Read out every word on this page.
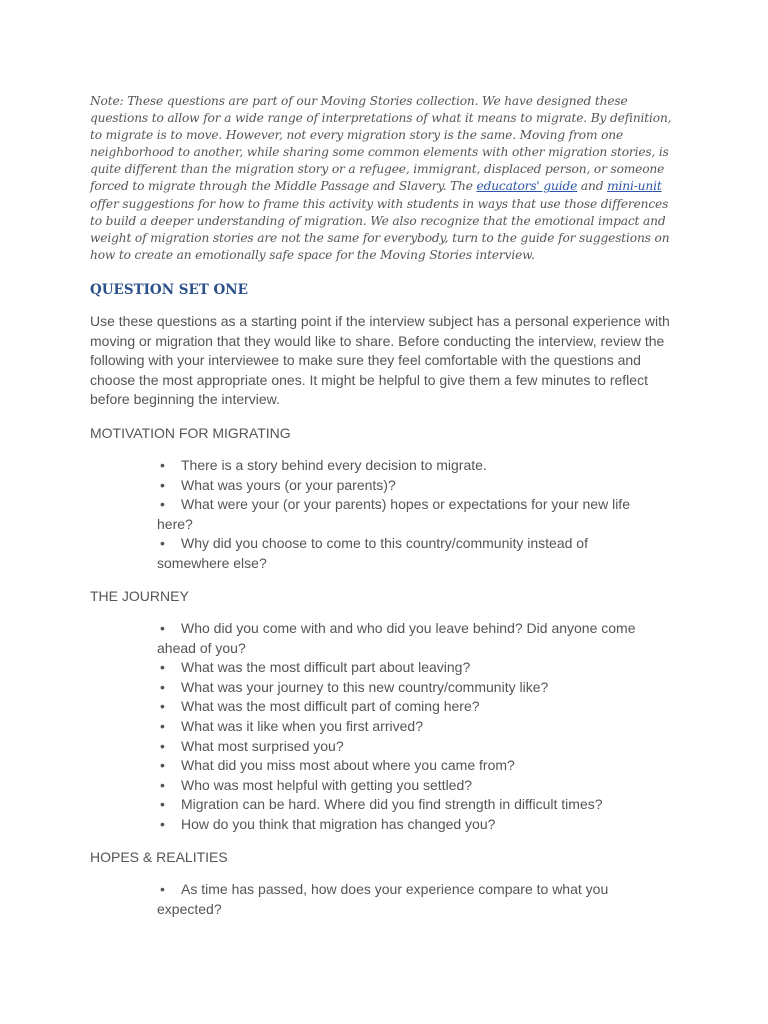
Note: These questions are part of our Moving Stories collection. We have designed these questions to allow for a wide range of interpretations of what it means to migrate. By definition, to migrate is to move. However, not every migration story is the same. Moving from one neighborhood to another, while sharing some common elements with other migration stories, is quite different than the migration story or a refugee, immigrant, displaced person, or someone forced to migrate through the Middle Passage and Slavery. The educators' guide and mini-unit offer suggestions for how to frame this activity with students in ways that use those differences to build a deeper understanding of migration. We also recognize that the emotional impact and weight of migration stories are not the same for everybody, turn to the guide for suggestions on how to create an emotionally safe space for the Moving Stories interview.

QUESTION SET ONE

Use these questions as a starting point if the interview subject has a personal experience with moving or migration that they would like to share. Before conducting the interview, review the following with your interviewee to make sure they feel comfortable with the questions and choose the most appropriate ones. It might be helpful to give them a few minutes to reflect before beginning the interview.

MOTIVATION FOR MIGRATING

• There is a story behind every decision to migrate.
• What was yours (or your parents)?
• What were your (or your parents) hopes or expectations for your new life here?
• Why did you choose to come to this country/community instead of somewhere else?

THE JOURNEY

• Who did you come with and who did you leave behind? Did anyone come ahead of you?
• What was the most difficult part about leaving?
• What was your journey to this new country/community like?
• What was the most difficult part of coming here?
• What was it like when you first arrived?
• What most surprised you?
• What did you miss most about where you came from?
• Who was most helpful with getting you settled?
• Migration can be hard. Where did you find strength in difficult times?
• How do you think that migration has changed you?

HOPES & REALITIES

• As time has passed, how does your experience compare to what you expected?
